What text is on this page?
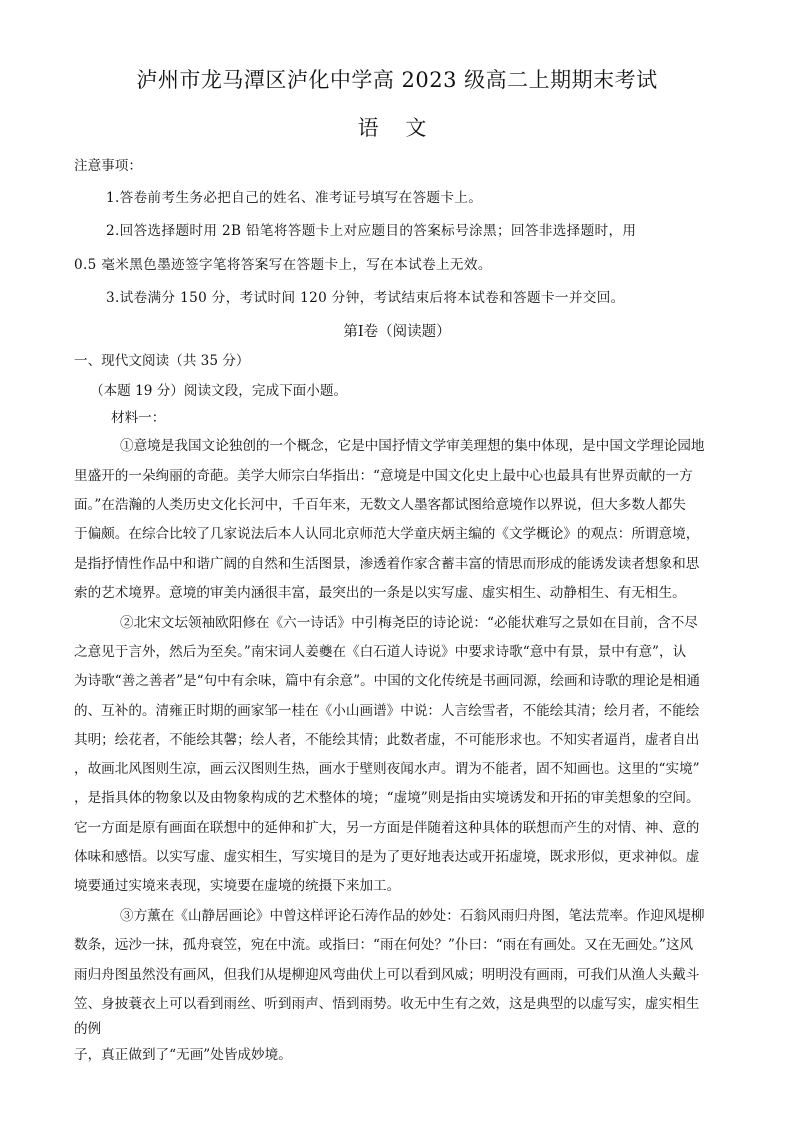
泸州市龙马潭区泸化中学高 2023 级高二上期期末考试
语 文
注意事项：
1.答卷前考生务必把自己的姓名、准考证号填写在答题卡上。
2.回答选择题时用 2B 铅笔将答题卡上对应题目的答案标号涂黑；回答非选择题时，用
0.5 毫米黑色墨迹签字笔将答案写在答题卡上，写在本试卷上无效。
3.试卷满分 150 分，考试时间 120 分钟，考试结束后将本试卷和答题卡一并交回。
第Ⅰ卷（阅读题）
一、现代文阅读（共 35 分）
（本题 19 分）阅读文段，完成下面小题。
材料一：
①意境是我国文论独创的一个概念，它是中国抒情文学审美理想的集中体现，是中国文学理论园地
里盛开的一朵绚丽的奇葩。美学大师宗白华指出：“意境是中国文化史上最中心也最具有世界贡献的一方
面。”在浩瀚的人类历史文化长河中，千百年来，无数文人墨客都试图给意境作以界说，但大多数人都失
于偏颇。在综合比较了几家说法后本人认同北京师范大学童庆炳主编的《文学概论》的观点：所谓意境，
是指抒情性作品中和谐广阔的自然和生活图景，渗透着作家含蓄丰富的情思而形成的能诱发读者想象和思
索的艺术境界。意境的审美内涵很丰富，最突出的一条是以实写虚、虚实相生、动静相生、有无相生。
②北宋文坛领袖欧阳修在《六一诗话》中引梅尧臣的诗论说：“必能状难写之景如在目前，含不尽
之意见于言外，然后为至矣。”南宋词人姜夔在《白石道人诗说》中要求诗歌“意中有景，景中有意”，认
为诗歌“善之善者”是“句中有余味，篇中有余意”。中国的文化传统是书画同源，绘画和诗歌的理论是相通
的、互补的。清雍正时期的画家邹一桂在《小山画谱》中说：人言绘雪者，不能绘其清；绘月者，不能绘
其明；绘花者，不能绘其馨；绘人者，不能绘其情；此数者虚，不可能形求也。不知实者逼肖，虚者自出
，故画北风图则生凉，画云汉图则生热，画水于壁则夜闻水声。谓为不能者，固不知画也。这里的“实境”
，是指具体的物象以及由物象构成的艺术整体的境；“虚境”则是指由实境诱发和开拓的审美想象的空间。
它一方面是原有画面在联想中的延伸和扩大，另一方面是伴随着这种具体的联想而产生的对情、神、意的
体味和感悟。以实写虚、虚实相生，写实境目的是为了更好地表达或开拓虚境，既求形似，更求神似。虚
境要通过实境来表现，实境要在虚境的统摄下来加工。
③方薰在《山静居画论》中曾这样评论石涛作品的妙处：石翁风雨归舟图，笔法荒率。作迎风堤柳
数条，远沙一抹，孤舟衰笠，宛在中流。或指曰：“雨在何处？”仆曰：“雨在有画处。又在无画处。”这风
雨归舟图虽然没有画风，但我们从堤柳迎风弯曲伏上可以看到风威；明明没有画雨，可我们从渔人头戴斗
笠、身披蓑衣上可以看到雨丝、听到雨声、悟到雨势。收无中生有之效，这是典型的以虚写实，虚实相生
的例
子，真正做到了“无画”处皆成妙境。
